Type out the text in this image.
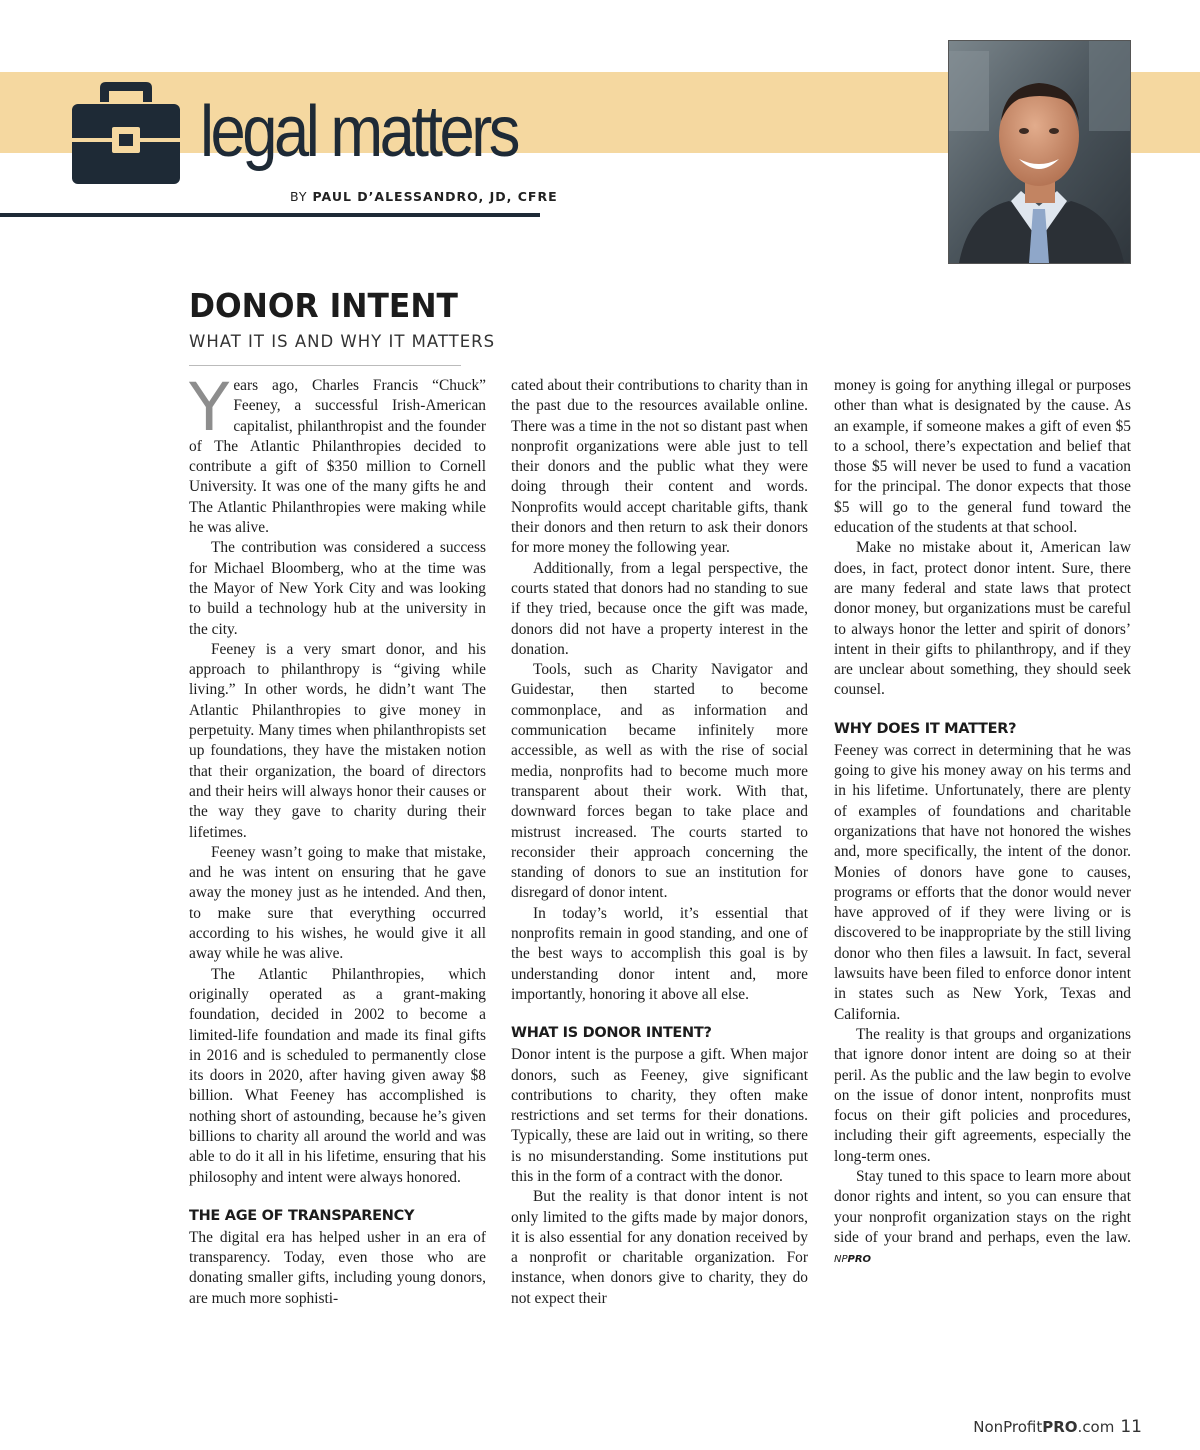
legal matters
BY PAUL D’ALESSANDRO, JD, CFRE
DONOR INTENT
WHAT IT IS AND WHY IT MATTERS

Years ago, Charles Francis “Chuck” Feeney, a successful Irish-American capitalist, philanthropist and the founder of The Atlantic Philanthropies decided to contribute a gift of $350 million to Cornell University. It was one of the many gifts he and The Atlantic Philanthropies were making while he was alive.

The contribution was considered a success for Michael Bloomberg, who at the time was the Mayor of New York City and was looking to build a technology hub at the university in the city.

Feeney is a very smart donor, and his approach to philanthropy is “giving while living.” In other words, he didn’t want The Atlantic Philanthropies to give money in perpetuity. Many times when philanthropists set up foundations, they have the mistaken notion that their organization, the board of directors and their heirs will always honor their causes or the way they gave to charity during their lifetimes.

Feeney wasn’t going to make that mistake, and he was intent on ensuring that he gave away the money just as he intended. And then, to make sure that everything occurred according to his wishes, he would give it all away while he was alive.

The Atlantic Philanthropies, which originally operated as a grant-making foundation, decided in 2002 to become a limited-life foundation and made its final gifts in 2016 and is scheduled to permanently close its doors in 2020, after having given away $8 billion. What Feeney has accomplished is nothing short of astounding, because he’s given billions to charity all around the world and was able to do it all in his lifetime, ensuring that his philosophy and intent were always honored.

THE AGE OF TRANSPARENCY

The digital era has helped usher in an era of transparency. Today, even those who are donating smaller gifts, including young donors, are much more sophisti-

cated about their contributions to charity than in the past due to the resources available online. There was a time in the not so distant past when nonprofit organizations were able just to tell their donors and the public what they were doing through their content and words. Nonprofits would accept charitable gifts, thank their donors and then return to ask their donors for more money the following year.

Additionally, from a legal perspective, the courts stated that donors had no standing to sue if they tried, because once the gift was made, donors did not have a property interest in the donation.

Tools, such as Charity Navigator and Guidestar, then started to become commonplace, and as information and communication became infinitely more accessible, as well as with the rise of social media, nonprofits had to become much more transparent about their work. With that, downward forces began to take place and mistrust increased. The courts started to reconsider their approach concerning the standing of donors to sue an institution for disregard of donor intent.

In today’s world, it’s essential that nonprofits remain in good standing, and one of the best ways to accomplish this goal is by understanding donor intent and, more importantly, honoring it above all else.

WHAT IS DONOR INTENT?

Donor intent is the purpose a gift. When major donors, such as Feeney, give significant contributions to charity, they often make restrictions and set terms for their donations. Typically, these are laid out in writing, so there is no misunderstanding. Some institutions put this in the form of a contract with the donor.

But the reality is that donor intent is not only limited to the gifts made by major donors, it is also essential for any donation received by a nonprofit or charitable organization. For instance, when donors give to charity, they do not expect their

money is going for anything illegal or purposes other than what is designated by the cause. As an example, if someone makes a gift of even $5 to a school, there’s expectation and belief that those $5 will never be used to fund a vacation for the principal. The donor expects that those $5 will go to the general fund toward the education of the students at that school.

Make no mistake about it, American law does, in fact, protect donor intent. Sure, there are many federal and state laws that protect donor money, but organizations must be careful to always honor the letter and spirit of donors’ intent in their gifts to philanthropy, and if they are unclear about something, they should seek counsel.

WHY DOES IT MATTER?

Feeney was correct in determining that he was going to give his money away on his terms and in his lifetime. Unfortunately, there are plenty of examples of foundations and charitable organizations that have not honored the wishes and, more specifically, the intent of the donor. Monies of donors have gone to causes, programs or efforts that the donor would never have approved of if they were living or is discovered to be inappropriate by the still living donor who then files a lawsuit. In fact, several lawsuits have been filed to enforce donor intent in states such as New York, Texas and California.

The reality is that groups and organizations that ignore donor intent are doing so at their peril. As the public and the law begin to evolve on the issue of donor intent, nonprofits must focus on their gift policies and procedures, including their gift agreements, especially the long-term ones.

Stay tuned to this space to learn more about donor rights and intent, so you can ensure that your nonprofit organization stays on the right side of your brand and perhaps, even the law. NPPRO

NonProfitPRO.com 11
